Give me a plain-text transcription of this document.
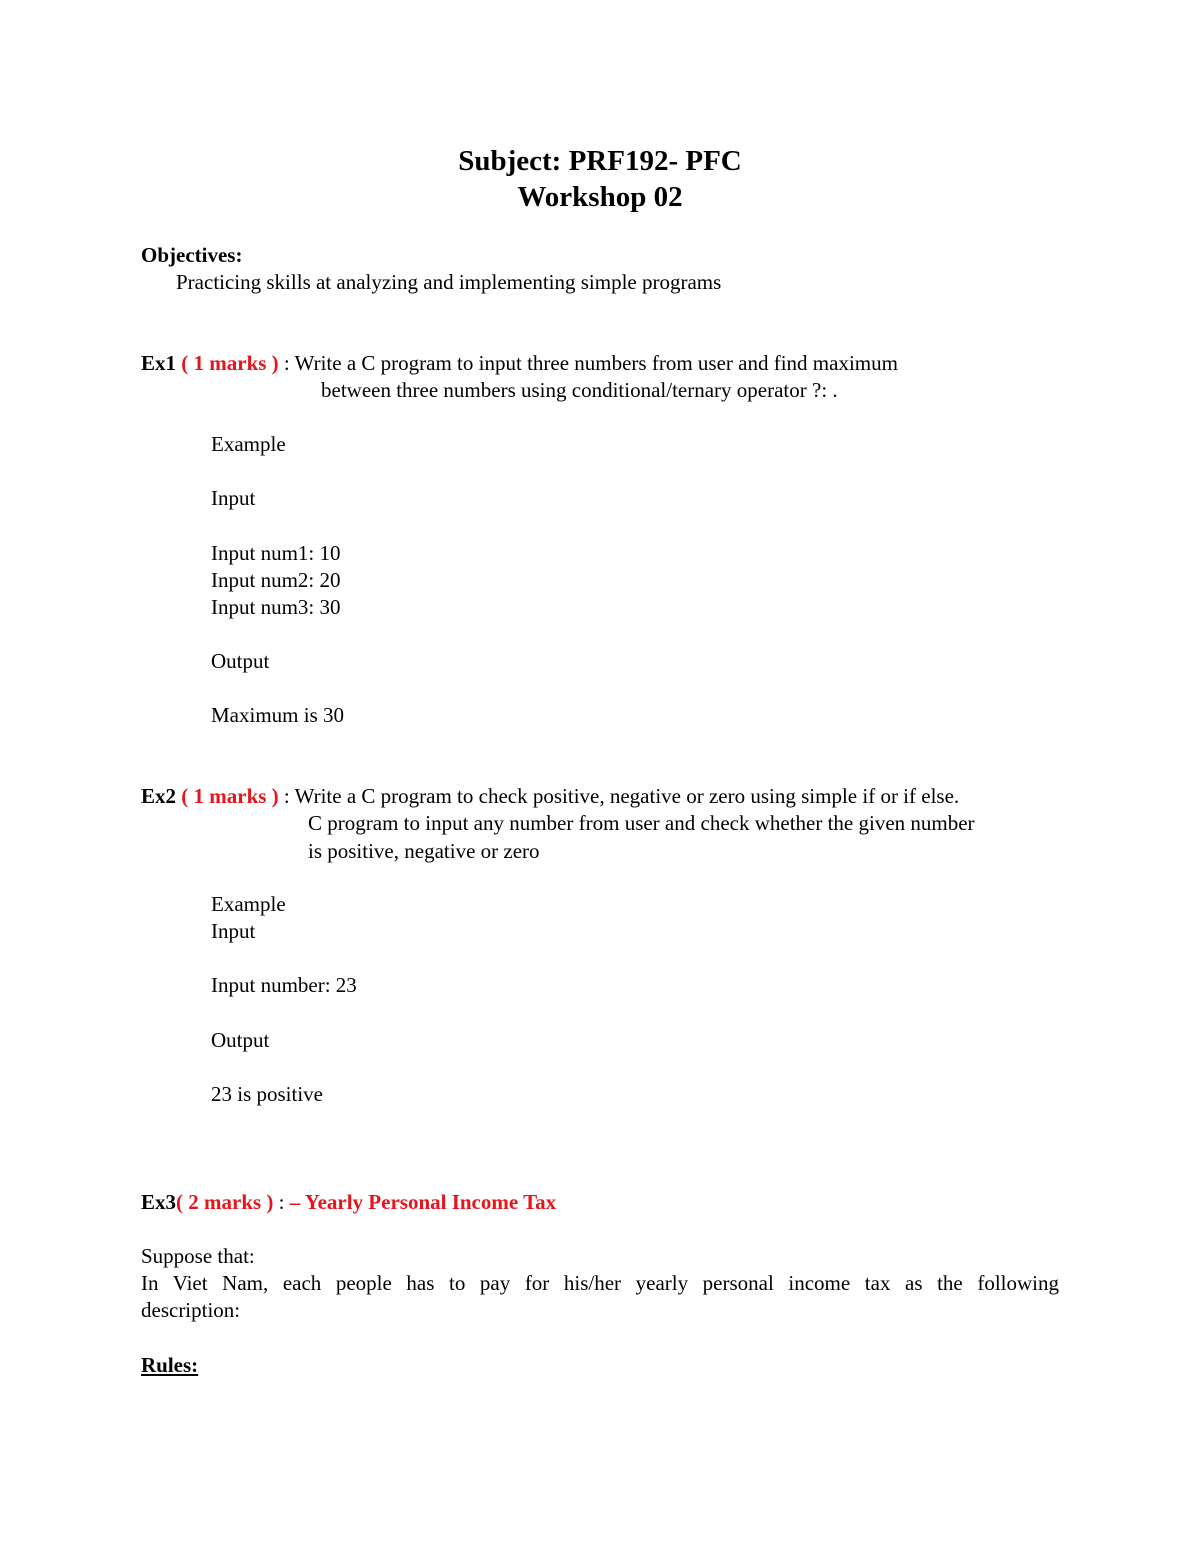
Subject: PRF192- PFC
Workshop 02
Objectives:
Practicing skills at analyzing and implementing simple programs
Ex1 ( 1 marks ) : Write a C program to input three numbers from user and find maximum
between three numbers using conditional/ternary operator ?: .
Example
Input
Input num1: 10
Input num2: 20
Input num3: 30
Output
Maximum is 30
Ex2 ( 1 marks ) : Write a C program to check positive, negative or zero using simple if or if else.
C program to input any number from user and check whether the given number
is positive, negative or zero
Example
Input
Input number: 23
Output
23 is positive
Ex3( 2 marks ) : – Yearly Personal Income Tax
Suppose that:
In Viet Nam, each people has to pay for his/her yearly personal income tax as the following
description:
Rules:
